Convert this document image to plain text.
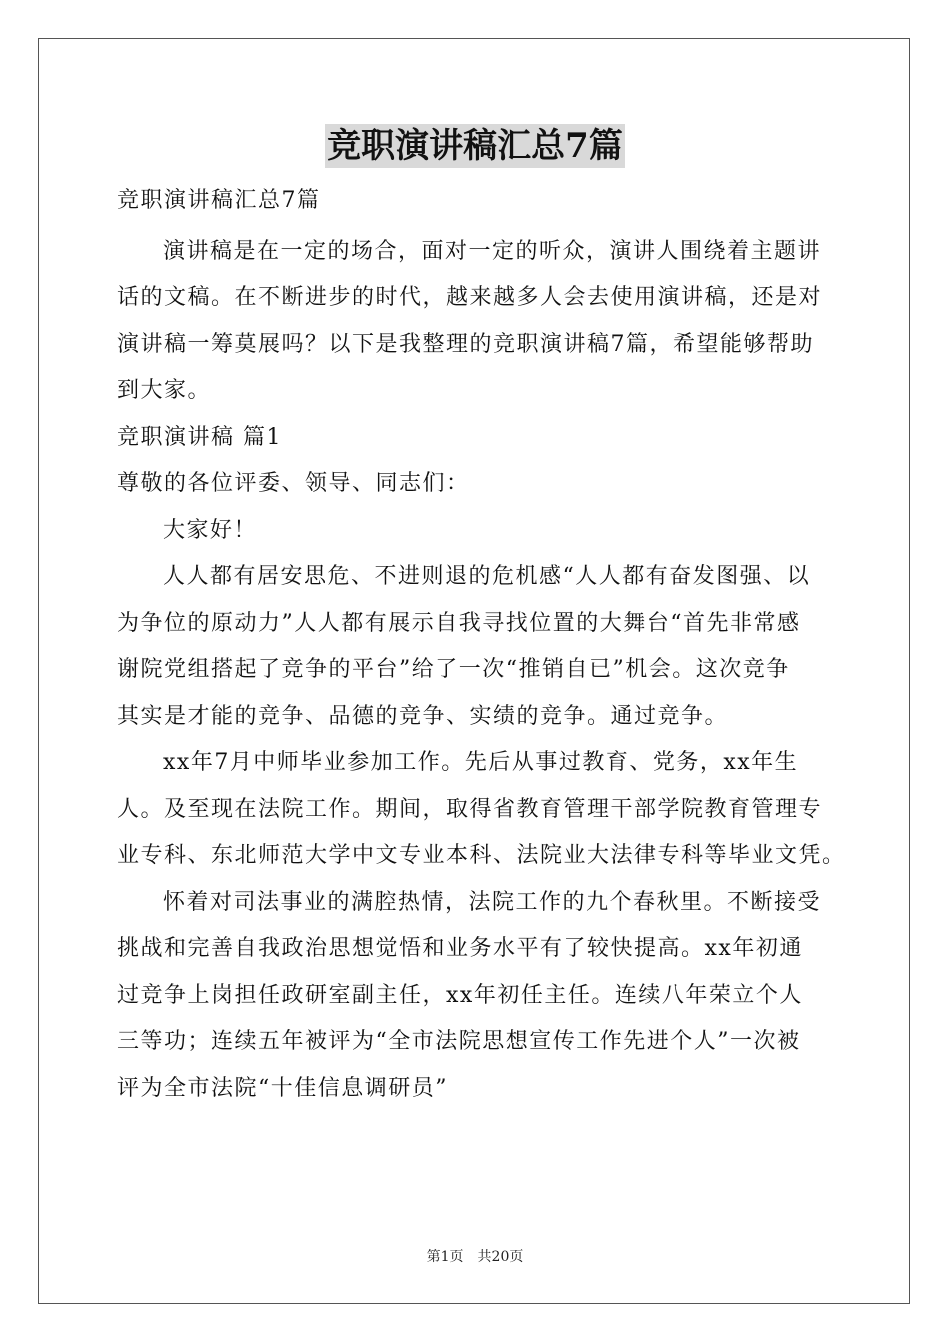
竞职演讲稿汇总7篇

竞职演讲稿汇总7篇

演讲稿是在一定的场合，面对一定的听众，演讲人围绕着主题讲
话的文稿。在不断进步的时代，越来越多人会去使用演讲稿，还是对
演讲稿一筹莫展吗？以下是我整理的竞职演讲稿7篇，希望能够帮助
到大家。
竞职演讲稿 篇1
尊敬的各位评委、领导、同志们：
大家好！
人人都有居安思危、不进则退的危机感“人人都有奋发图强、以
为争位的原动力”人人都有展示自我寻找位置的大舞台“首先非常感
谢院党组搭起了竞争的平台”给了一次“推销自已”机会。这次竞争
其实是才能的竞争、品德的竞争、实绩的竞争。通过竞争。
xx年7月中师毕业参加工作。先后从事过教育、党务，xx年生
人。及至现在法院工作。期间，取得省教育管理干部学院教育管理专
业专科、东北师范大学中文专业本科、法院业大法律专科等毕业文凭。
怀着对司法事业的满腔热情，法院工作的九个春秋里。不断接受
挑战和完善自我政治思想觉悟和业务水平有了较快提高。xx年初通
过竞争上岗担任政研室副主任，xx年初任主任。连续八年荣立个人
三等功；连续五年被评为“全市法院思想宣传工作先进个人”一次被
评为全市法院“十佳信息调研员”
第1页　共20页
